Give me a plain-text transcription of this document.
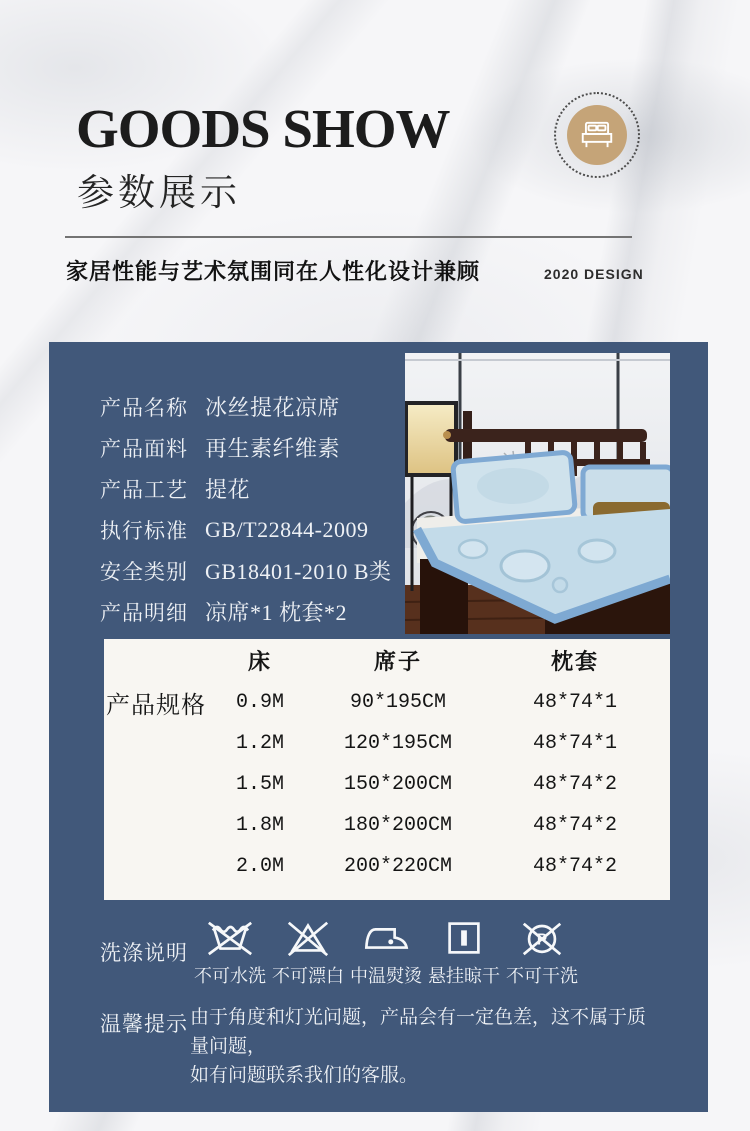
GOODS SHOW
参数展示
家居性能与艺术氛围同在人性化设计兼顾	2020 DESIGN
产品名称 冰丝提花凉席
产品面料 再生素纤维素
产品工艺 提花
执行标准 GB/T22844-2009
安全类别 GB18401-2010 B类
产品明细 凉席*1 枕套*2
床	席子	枕套
产品规格	0.9M	90*195CM	48*74*1
1.2M	120*195CM	48*74*1
1.5M	150*200CM	48*74*2
1.8M	180*200CM	48*74*2
2.0M	200*220CM	48*74*2
洗涤说明
不可水洗 不可漂白 中温熨烫 悬挂晾干
P
不可干洗
温馨提示 由于角度和灯光问题，产品会有一定色差，这不属于质量问题，
如有问题联系我们的客服。
